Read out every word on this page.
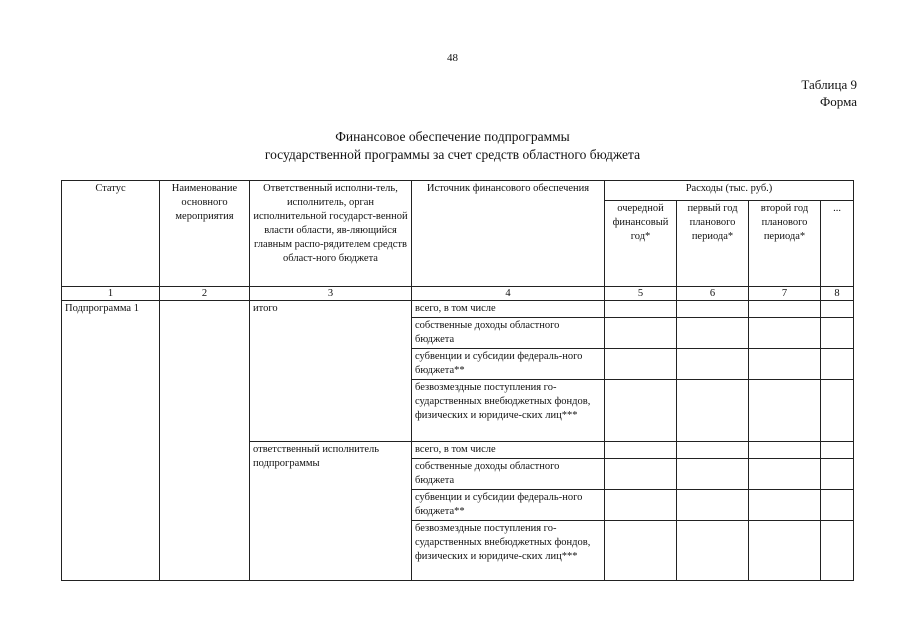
48
Таблица 9
Форма
Финансовое обеспечение подпрограммы
государственной программы за счет средств областного бюджета
Статус	Наименование основного мероприятия	Ответственный исполни-тель, исполнитель, орган исполнительной государст-венной власти области, яв-ляющийся главным распо-рядителем средств област-ного бюджета	Источник финансового обеспечения	Расходы (тыс. руб.)			
				очередной финансовый год*	первый год планового периода*	второй год планового периода*	...
1	2	3	4	5	6	7	8
Подпрограмма 1		итого	всего, в том числе				
			собственные доходы областного бюджета				
			субвенции и субсидии федераль-ного бюджета**				
			безвозмездные поступления го-сударственных внебюджетных фондов, физических и юридиче-ских лиц***				
		ответственный исполнитель подпрограммы	всего, в том числе				
			собственные доходы областного бюджета				
			субвенции и субсидии федераль-ного бюджета**				
			безвозмездные поступления го-сударственных внебюджетных фондов, физических и юридиче-ских лиц***				
